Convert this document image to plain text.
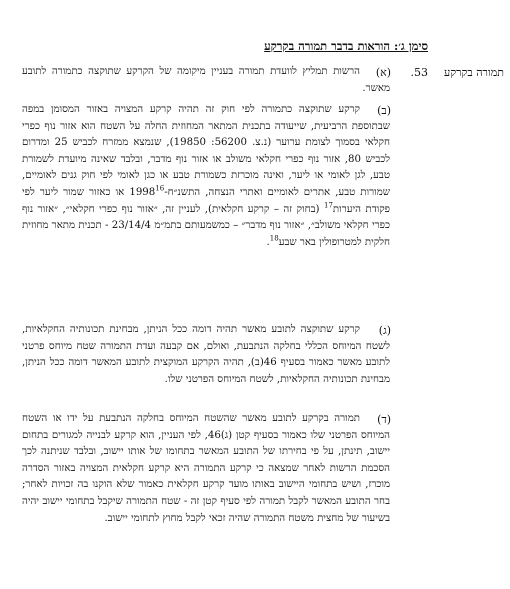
סימן ג׳: הוראות בדבר תמורה בקרקע
תמורה בקרקע
53.
(א)
הרשות תמליץ לוועדת תמורה בעניין מיקומה של הקרקע שתוקצה כתמורה לתובע מאשר.
(ב)
קרקע שתוקצה כתמורה לפי חוק זה תהיה קרקע המצויה באזור המסומן במפה שבתוספת הרביעית, שייעודה בתכנית המתאר המחוזית החלה על השטח הוא אזור נוף כפרי חקלאי בסמוך לצומת ערוער (נ.צ. 56200: 19850), שנמצא ממזרח לכביש 25 ומדרום לכביש 80, אזור נוף כפרי חקלאי משולב או אזור נוף מדבר, ובלבד שאינה מיועדת לשמורת טבע, לגן לאומי או ליער, ואינה מוכרזת כשמורת טבע או כגן לאומי לפי חוק גנים לאומיים, שמורות טבע, אתרים לאומיים ואתרי הנצחה, התשנ״ח-1998$^{16}$ או כאזור שמור ליער לפי פקודת היערות$^{17}$ (בחוק זה – קרקע חקלאית), לעניין זה, ״אזור נוף כפרי חקלאי״, ״אזור נוף כפרי חקלאי משולב״, ״אזור נוף מדבר״ – כמשמעותם בתמ״מ 23/14/4 - תכנית מתאר מחוזית חלקית למטרופולין באר שבע$^{18}$.
(ג)
קרקע שתוקצה לתובע מאשר תהיה דומה ככל הניתן, מבחינת תכונותיה החקלאיות, לשטח המיוחס הכללי בחלקה הנתבעת, ואולם, אם קבעה ועדת התמורה שטח מיוחס פרטני לתובע מאשר כאמור בסעיף 46(ב), תהיה הקרקע המוקצית לתובע המאשר דומה ככל הניתן, מבחינת תכונותיה החקלאיות, לשטח המיוחס הפרטני שלו.
(ד)
תמורה בקרקע לתובע מאשר שהשטח המיוחס בחלקה הנתבעת על ידו או השטח המיוחס הפרטני שלו כאמור בסעיף קטן (ג)46, לפי העניין, הוא קרקע לבנייה למגורים בתחום יישוב, תינתן, על פי בחירתו של התובע המאשר בתחומו של אותו יישוב, ובלבד שניתנה לכך הסכמת הרשות לאחר שמצאה כי קרקע התמורה היא קרקע חקלאית המצויה באזור הסדרה מוכרז, ושיש בתחומי היישוב באותו מועד קרקע חקלאית כאמור שלא הוקנו בה זכויות לאחר; בחר התובע המאשר לקבל תמורה לפי סעיף קטן זה - שטח התמורה שיקבל בתחומי יישוב יהיה בשיעור של מחצית משטח התמורה שהיה זכאי לקבל מחוץ לתחומי יישוב.
